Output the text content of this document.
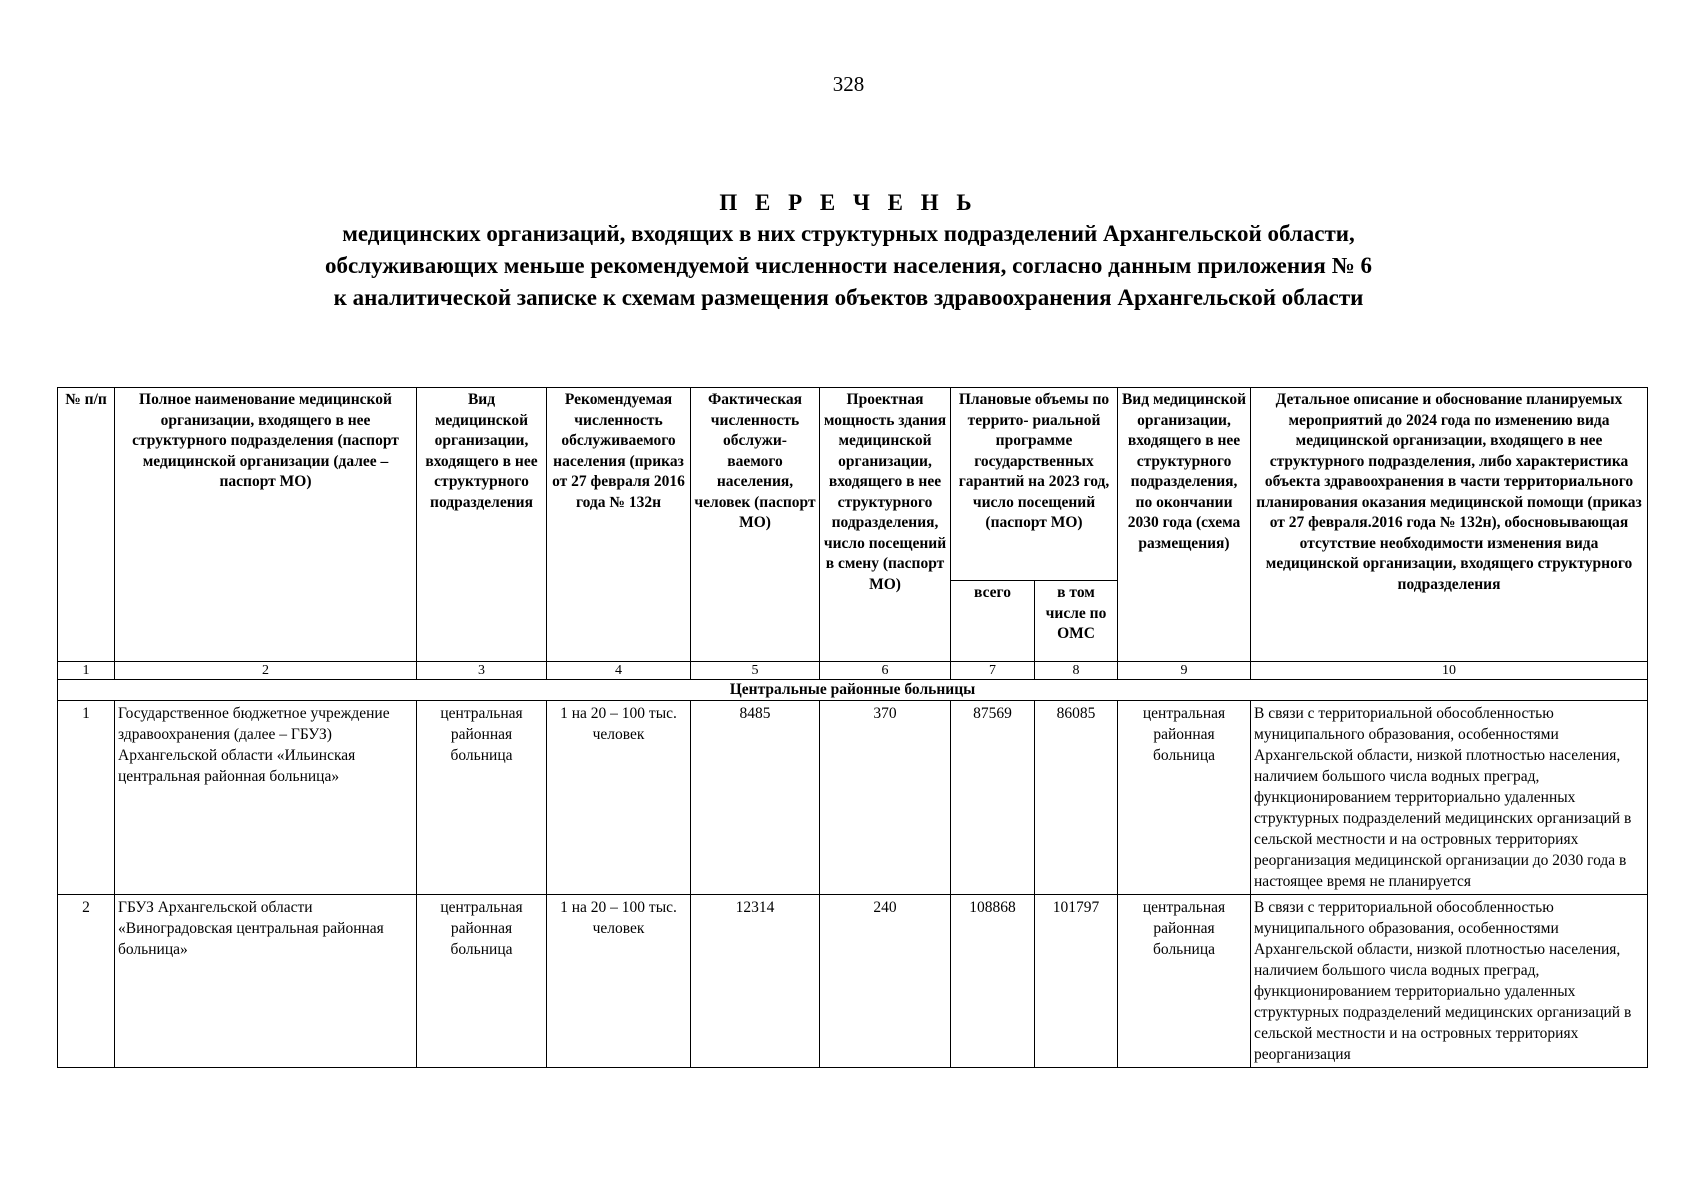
328
П Е Р Е Ч Е Н Ь
медицинских организаций, входящих в них структурных подразделений Архангельской области,
обслуживающих меньше рекомендуемой численности населения, согласно данным приложения № 6
к аналитической записке к схемам размещения объектов здравоохранения Архангельской области
№ п/п	Полное наименование медицинской организации, входящего в нее структурного подразделения (паспорт медицинской организации (далее – паспорт МО)	Вид медицинской организации, входящего в нее структурного подразделения	Рекомендуемая численность обслуживаемого населения (приказ от 27 февраля 2016 года № 132н	Фактическая численность обслужи- ваемого населения, человек (паспорт МО)	Проектная мощность здания медицинской организации, входящего в нее структурного подразделения, число посещений в смену (паспорт МО)	Плановые объемы по террито- риальной программе государственных гарантий на 2023 год, число посещений (паспорт МО)		Вид медицинской организации, входящего в нее структурного подразделения, по окончании 2030 года (схема размещения)	Детальное описание и обоснование планируемых мероприятий до 2024 года по изменению вида медицинской организации, входящего в нее структурного подразделения, либо характеристика объекта здравоохранения в части территориального планирования оказания медицинской помощи (приказ от 27 февраля.2016 года № 132н), обосновывающая отсутствие необходимости изменения вида медицинской организации, входящего структурного подразделения
						всего	в том числе по ОМС		
1	2	3	4	5	6	7	8	9	10
Центральные районные больницы									
1	Государственное бюджетное учреждение здравоохранения (далее – ГБУЗ) Архангельской области «Ильинская центральная районная больница»	центральная районная больница	1 на 20 – 100 тыс. человек	8485	370	87569	86085	центральная районная больница	В связи с территориальной обособленностью муниципального образования, особенностями Архангельской области, низкой плотностью населения, наличием большого числа водных преград, функционированием территориально удаленных структурных подразделений медицинских организаций в сельской местности и на островных территориях реорганизация медицинской организации до 2030 года в настоящее время не планируется
2	ГБУЗ Архангельской области «Виноградовская центральная районная больница»	центральная районная больница	1 на 20 – 100 тыс. человек	12314	240	108868	101797	центральная районная больница	В связи с территориальной обособленностью муниципального образования, особенностями Архангельской области, низкой плотностью населения, наличием большого числа водных преград, функционированием территориально удаленных структурных подразделений медицинских организаций в сельской местности и на островных территориях реорганизация
